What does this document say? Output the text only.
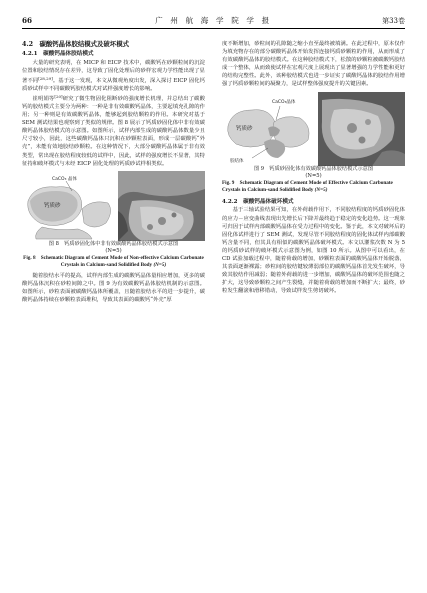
66	广 州 航 海 学 院 学 报	第33卷

4.2　碳酸钙晶体胶结模式及破坏模式

4.2.1　碳酸钙晶体胶结模式

大量的研究表明，在 MICP 和 EICP 技术中，碳酸钙在砂颗粒间的沉淀位置和胶结情况存在差异，这导致了固化处理后的砂样宏观力学性能出现了显著不同[28,29]。基于这一发现，本文从微观角度出发，深入探讨 EICP 固化钙质砂试样中不同碳酸钙胶结模式对试样强度增长的影响。

崔明娟等[20]研究了微生物固化阻断砂的强度增长机理，并总结出了碳酸钙的胶结模式主要分为两种：一种是非有效碳酸钙晶体，主要起填充孔隙的作用；另一种则是有效碳酸钙晶体，能够起到胶结颗粒的作用。本研究对基于 SEM 测试结果也观察到了类似的规律。图 8 展示了钙质砂固化体中非有效碳酸钙晶体胶结模式的示意图。如图所示，试样内部生成的碳酸钙晶体数量少且尺寸较小，因此，这些碳酸钙晶体只沉积在砂颗粒表面，形成一层碳酸钙“外壳”，未能有效地胶结砂颗粒。在这种情况下，大部分碳酸钙晶体属于非有效类型，常出现在胶结程度较低的试样中，因此，试样的强度增长不显著，其特征持和破坏模式与未经 EICP 固化处理的钙质砂试样相类似。

钙质砂
CaCO₃ 晶体

图 8　钙质砂固化体中非有效碳酸钙晶体胶结模式示意图

(N=5)

Fig. 8　Schematic Diagram of Cement Mode of Non-effective Calcium Carbonate Crystals in Calcium-sand Solidified Body (N=5)

随着胶结水平的提高，试样内部生成的碳酸钙晶体量相应增加，更多的碳酸钙晶体沉积在砂粒间隙之中。图 9 为有效碳酸钙晶体胶结机制的示意图。如图所示，砂粒表面被碳酸钙晶体所覆盖，且随着胶结水平的进一步提升，碳酸钙晶体持续在砂颗粒表面堆积，导致其表面的碳酸钙“外壳”厚

度不断增加，砂粒间的孔隙随之缩小直至最终被填满。在此过程中，原本仅作为填充物存在的部分碳酸钙晶体开始发挥连接钙质砂颗粒的作用，从而形成了有效碳酸钙晶体的胶结模式。在这种胶结模式下，松散的砂颗粒被碳酸钙胶结成一个整体，从而致使试样在宏观尺度上展现出了显著增强的力学性能和更好的结构完整性。此外，该种胶结模式也进一步证实了碳酸钙晶体的胶结作用增强了钙质砂颗粒间的凝聚力，是试样整体强度提升的关键因素。

钙质砂
CaCO₃晶体
胶结体

图 9　钙质砂固化体有效碳酸钙晶体胶结模式示意图

(N=5)

Fig. 9　Schematic Diagram of Cement Mode of Effective Calcium Carbonate Crystals in Calcium-sand Solidified Body (N=5)

4.2.2　碳酸钙晶体破坏模式

基于三轴试验结果可知，在外荷载作用下，不同胶结程度的钙质砂固化体的应力－应变曲线表现出先增长后下降并最终趋于稳定的变化趋势。这一现象可归因于试样内部碳酸钙晶体在受力过程中的变化。鉴于此，本文对破坏后的固化体试样进行了 SEM 测试，发现尽管不同胶结程度的固化体试样内部碳酸钙含量不同，但其具有相似的碳酸钙晶体破坏模式。本文以灌浆次数 N 为 5 的钙质砂试样的破坏模式示意图为例，如图 10 所示。从图中可以看出，在 CD 试验加载过程中，随着荷载的增加，砂颗粒表面的碳酸钙晶体开始脱落，其表面逐渐裸露；砂粒间的胶结键较薄弱部位的碳酸钙晶体首先发生破坏，导致其胶结作用减弱；随着外荷载的进一步增加，碳酸钙晶体的破坏范围也随之扩大，这导致砂颗粒之间产生裂缝，并随着荷载的增加而不断扩大；最终，砂粒发生翻滚和滑移错动，导致试样发生剪切破坏。
